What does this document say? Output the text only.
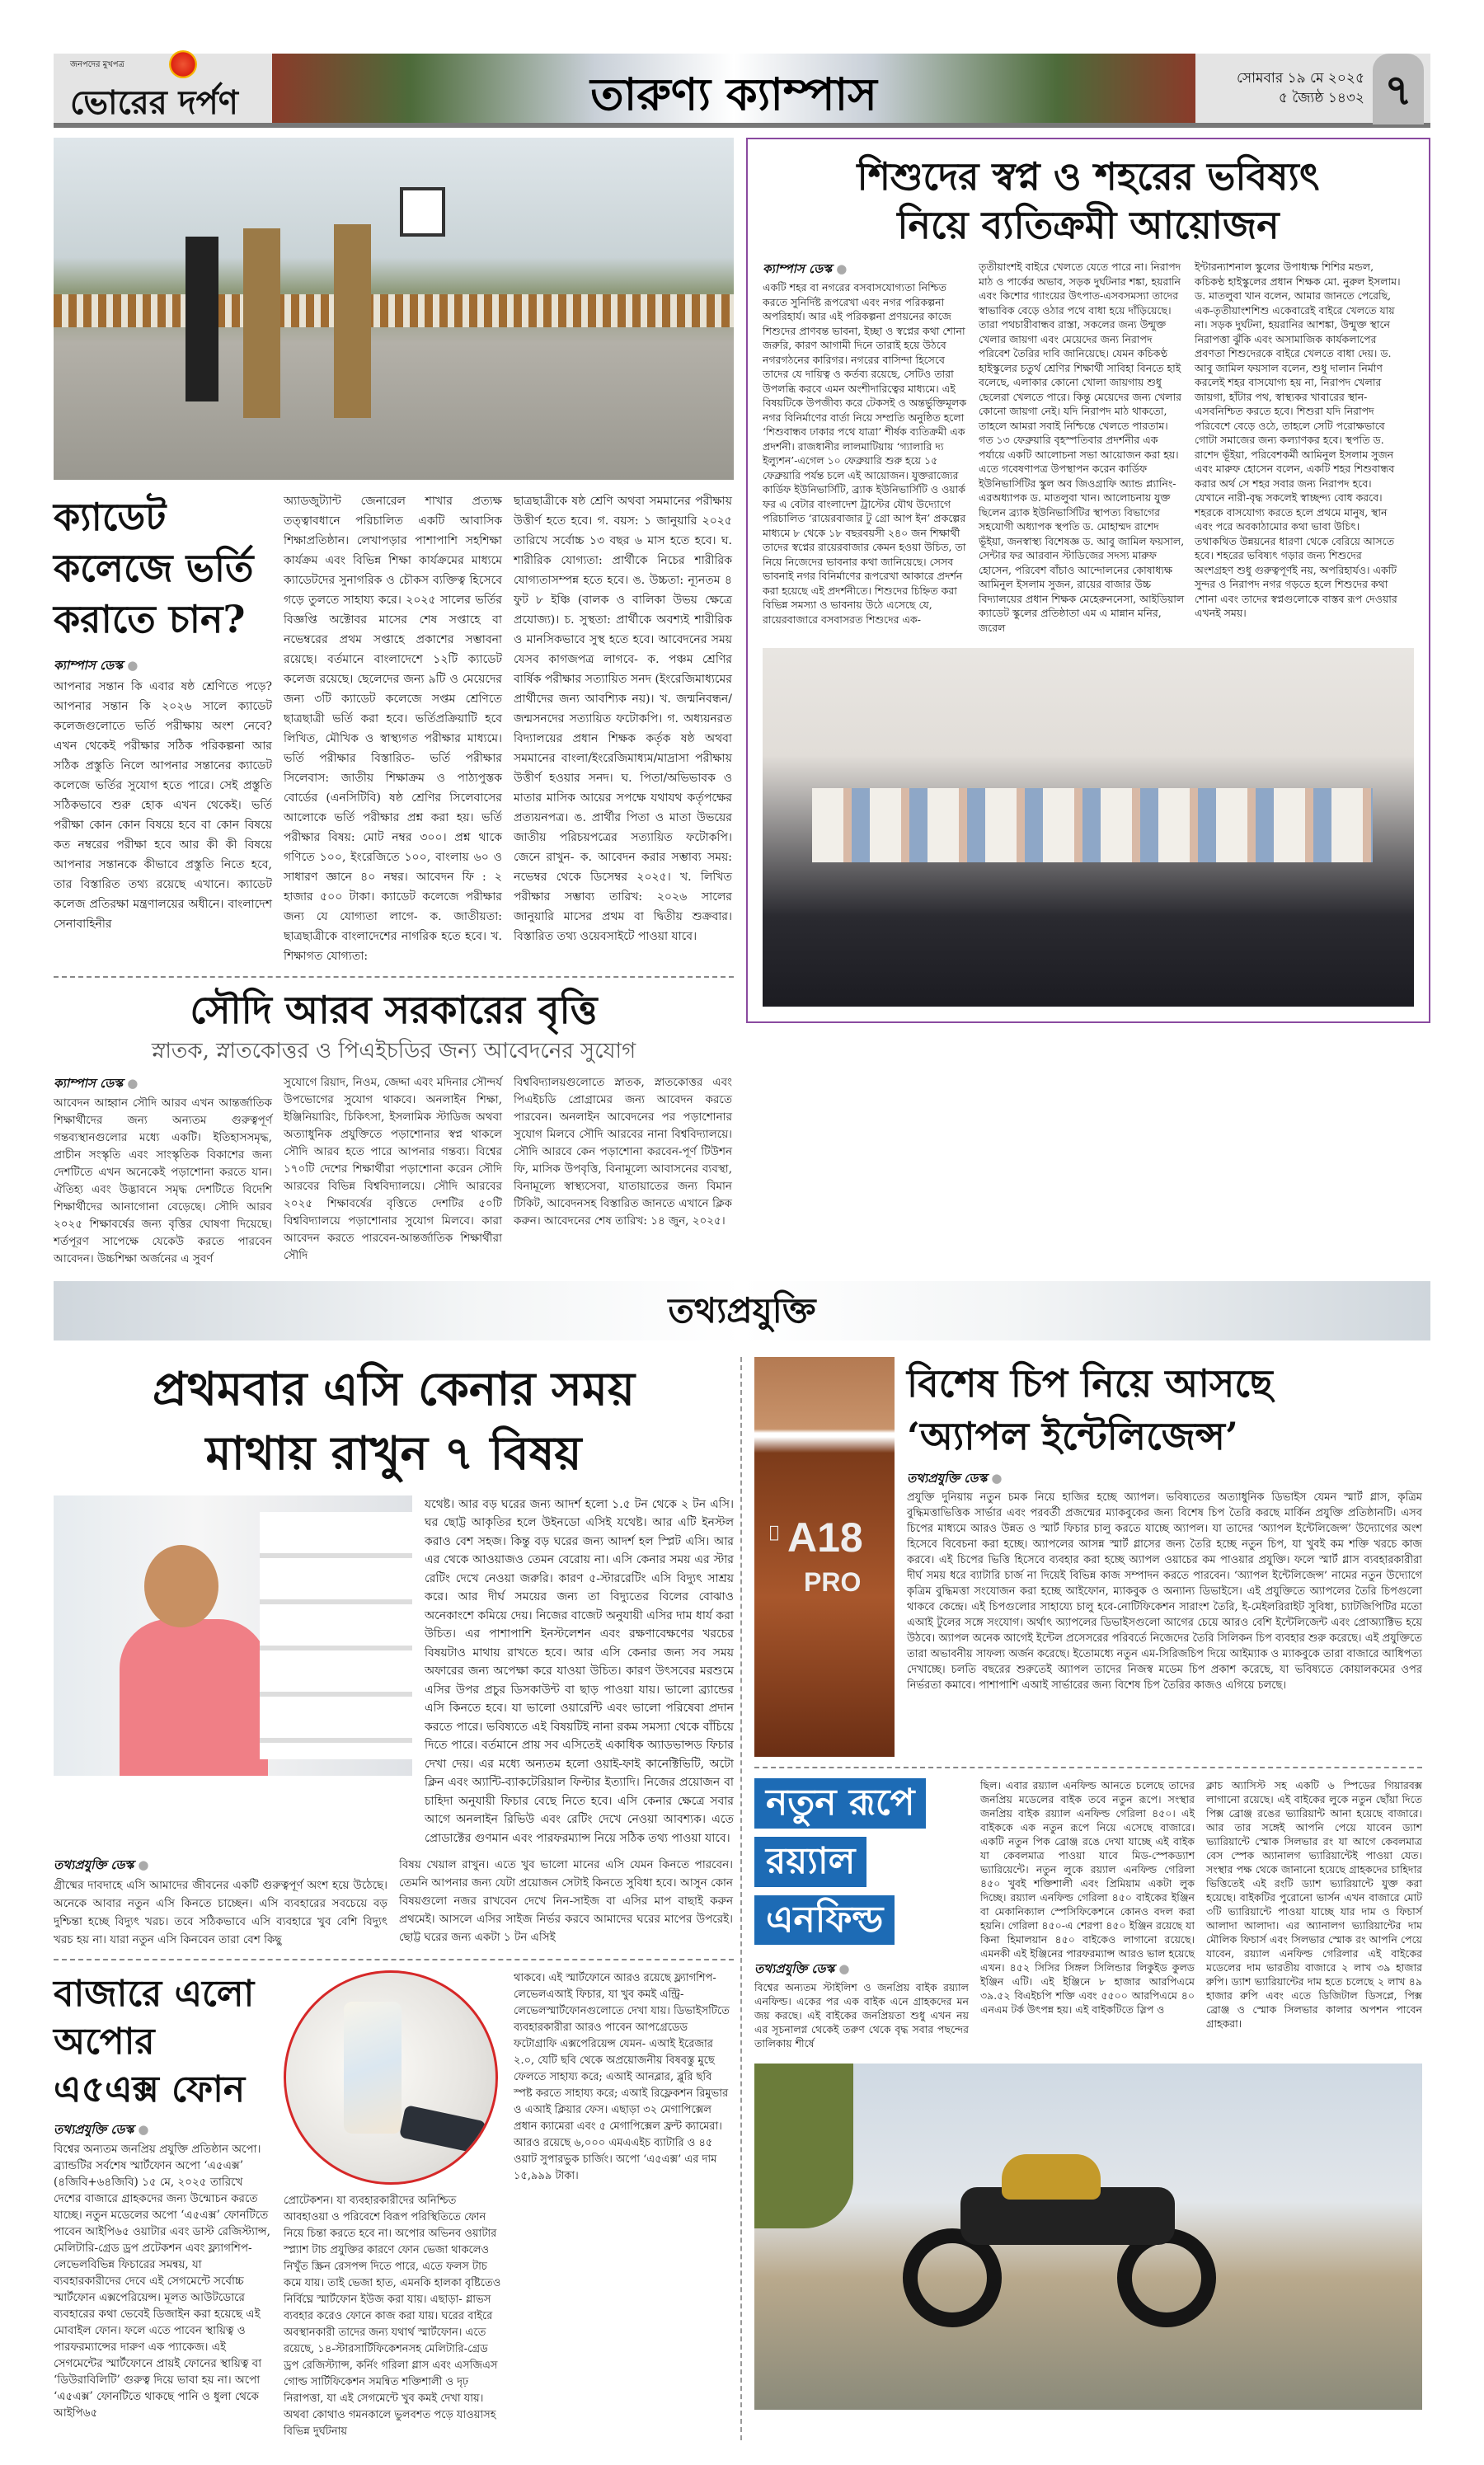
জনপদের মুখপত্র
ভোরের দর্পণ	তারুণ্য ক্যাম্পাস	সোমবার ১৯ মে ২০২৫
৫ জ্যৈষ্ঠ ১৪৩২ ৭
ক্যাডেট কলেজে ভর্তি করাতে চান?
ক্যাম্পাস ডেস্ক ●
আপনার সন্তান কি এবার ষষ্ঠ শ্রেণিতে পড়ে? আপনার সন্তান কি ২০২৬ সালে ক্যাডেট কলেজগুলোতে ভর্তি পরীক্ষায় অংশ নেবে? এখন থেকেই পরীক্ষার সঠিক পরিকল্পনা আর সঠিক প্রস্তুতি নিলে আপনার সন্তানের ক্যাডেট কলেজে ভর্তির সুযোগ হতে পারে। সেই প্রস্তুতি সঠিকভাবে শুরু হোক এখন থেকেই। ভর্তি পরীক্ষা কোন কোন বিষয়ে হবে বা কোন বিষয়ে কত নম্বরের পরীক্ষা হবে আর কী কী বিষয়ে আপনার সন্তানকে কীভাবে প্রস্তুতি নিতে হবে, তার বিস্তারিত তথ্য রয়েছে এখানে। ক্যাডেট কলেজ প্রতিরক্ষা মন্ত্রণালয়ের অধীনে। বাংলাদেশ সেনাবাহিনীর
অ্যাডজুট্যান্ট জেনারেল শাখার প্রত্যক্ষ তত্ত্বাবধানে পরিচালিত একটি আবাসিক শিক্ষাপ্রতিষ্ঠান। লেখাপড়ার পাশাপাশি সহশিক্ষা কার্যক্রম এবং বিভিন্ন শিক্ষা কার্যক্রমের মাধ্যমে ক্যাডেটদের সুনাগরিক ও চৌকস ব্যক্তিত্ব হিসেবে গড়ে তুলতে সাহায্য করে। ২০২৫ সালের ভর্তির বিজ্ঞপ্তি অক্টোবর মাসের শেষ সপ্তাহে বা নভেম্বরের প্রথম সপ্তাহে প্রকাশের সম্ভাবনা রয়েছে। বর্তমানে বাংলাদেশে ১২টি ক্যাডেট কলেজ রয়েছে। ছেলেদের জন্য ৯টি ও মেয়েদের জন্য ৩টি ক্যাডেট কলেজে সপ্তম শ্রেণিতে ছাত্রছাত্রী ভর্তি করা হবে। ভর্তিপ্রক্রিয়াটি হবে লিখিত, মৌখিক ও স্বাস্থ্যগত পরীক্ষার মাধ্যমে। ভর্তি পরীক্ষার বিস্তারিত- ভর্তি পরীক্ষার সিলেবাস: জাতীয় শিক্ষাক্রম ও পাঠ্যপুস্তক বোর্ডের (এনসিটিবি) ষষ্ঠ শ্রেণির সিলেবাসের আলোকে ভর্তি পরীক্ষার প্রশ্ন করা হয়। ভর্তি পরীক্ষার বিষয়: মোট নম্বর ৩০০। প্রশ্ন থাকে গণিতে ১০০, ইংরেজিতে ১০০, বাংলায় ৬০ ও সাধারণ জ্ঞানে ৪০ নম্বর। আবেদন ফি : ২ হাজার ৫০০ টাকা। ক্যাডেট কলেজে পরীক্ষার জন্য যে যোগ্যতা লাগে- ক. জাতীয়তা: ছাত্রছাত্রীকে বাংলাদেশের নাগরিক হতে হবে। খ. শিক্ষাগত যোগ্যতা:
ছাত্রছাত্রীকে ষষ্ঠ শ্রেণি অথবা সমমানের পরীক্ষায় উত্তীর্ণ হতে হবে। গ. বয়স: ১ জানুয়ারি ২০২৫ তারিখে সর্বোচ্চ ১৩ বছর ৬ মাস হতে হবে। ঘ. শারীরিক যোগ্যতা: প্রার্থীকে নিচের শারীরিক যোগ্যতাসম্পন্ন হতে হবে। ঙ. উচ্চতা: ন্যূনতম ৪ ফুট ৮ ইঞ্চি (বালক ও বালিকা উভয় ক্ষেত্রে প্রযোজ্য)। চ. সুস্থতা: প্রার্থীকে অবশ্যই শারীরিক ও মানসিকভাবে সুস্থ হতে হবে। আবেদনের সময় যেসব কাগজপত্র লাগবে- ক. পঞ্চম শ্রেণির বার্ষিক পরীক্ষার সত্যায়িত সনদ (ইংরেজিমাধ্যমের প্রার্থীদের জন্য আবশ্যিক নয়)। খ. জন্মনিবন্ধন/জন্মসনদের সত্যায়িত ফটোকপি। গ. অধ্যয়নরত বিদ্যালয়ের প্রধান শিক্ষক কর্তৃক ষষ্ঠ অথবা সমমানের বাংলা/ইংরেজিমাধ্যম/মাদ্রাসা পরীক্ষায় উত্তীর্ণ হওয়ার সনদ। ঘ. পিতা/অভিভাবক ও মাতার মাসিক আয়ের সপক্ষে যথাযথ কর্তৃপক্ষের প্রত্যয়নপত্র। ঙ. প্রার্থীর পিতা ও মাতা উভয়ের জাতীয় পরিচয়পত্রের সত্যায়িত ফটোকপি। জেনে রাখুন- ক. আবেদন করার সম্ভাব্য সময়: নভেম্বর থেকে ডিসেম্বর ২০২৫। খ. লিখিত পরীক্ষার সম্ভাব্য তারিখ: ২০২৬ সালের জানুয়ারি মাসের প্রথম বা দ্বিতীয় শুক্রবার। বিস্তারিত তথ্য ওয়েবসাইটে পাওয়া যাবে।
সৌদি আরব সরকারের বৃত্তি
স্নাতক, স্নাতকোত্তর ও পিএইচডির জন্য আবেদনের সুযোগ
ক্যাম্পাস ডেস্ক ●
আবেদন আহ্বান সৌদি আরব এখন আন্তর্জাতিক শিক্ষার্থীদের জন্য অন্যতম গুরুত্বপূর্ণ গন্তব্যস্থানগুলোর মধ্যে একটি। ইতিহাসসমৃদ্ধ, প্রাচীন সংস্কৃতি এবং সাংস্কৃতিক বিকাশের জন্য দেশটিতে এখন অনেকেই পড়াশোনা করতে যান। ঐতিহ্য এবং উদ্ভাবনে সমৃদ্ধ দেশটিতে বিদেশি শিক্ষার্থীদের আনাগোনা বেড়েছে। সৌদি আরব ২০২৫ শিক্ষাবর্ষের জন্য বৃত্তির ঘোষণা দিয়েছে। শর্তপূরণ সাপেক্ষে যেকেউ করতে পারবেন আবেদন। উচ্চশিক্ষা অর্জনের এ সুবর্ণ
সুযোগে রিয়াদ, নিওম, জেদ্দা এবং মদিনার সৌন্দর্য উপভোগের সুযোগ থাকবে। অনলাইন শিক্ষা, ইঞ্জিনিয়ারিং, চিকিৎসা, ইসলামিক স্টাডিজ অথবা অত্যাধুনিক প্রযুক্তিতে পড়াশোনার স্বপ্ন থাকলে সৌদি আরব হতে পারে আপনার গন্তব্য। বিশ্বের ১৭০টি দেশের শিক্ষার্থীরা পড়াশোনা করেন সৌদি আরবের বিভিন্ন বিশ্ববিদ্যালয়ে। সৌদি আরবের ২০২৫ শিক্ষাবর্ষের বৃত্তিতে দেশটির ৫০টি বিশ্ববিদ্যালয়ে পড়াশোনার সুযোগ মিলবে। কারা আবেদন করতে পারবেন-আন্তর্জাতিক শিক্ষার্থীরা সৌদি
বিশ্ববিদ্যালয়গুলোতে স্নাতক, স্নাতকোত্তর এবং পিএইচডি প্রোগ্রামের জন্য আবেদন করতে পারবেন। অনলাইন আবেদনের পর পড়াশোনার সুযোগ মিলবে সৌদি আরবের নানা বিশ্ববিদ্যালয়ে। সৌদি আরবে কেন পড়াশোনা করবেন-পূর্ণ টিউশন ফি, মাসিক উপবৃত্তি, বিনামূল্যে আবাসনের ব্যবস্থা, বিনামূল্যে স্বাস্থ্যসেবা, যাতায়াতের জন্য বিমান টিকিট, আবেদনসহ বিস্তারিত জানতে এখানে ক্লিক করুন। আবেদনের শেষ তারিখ: ১৪ জুন, ২০২৫।
শিশুদের স্বপ্ন ও শহরের ভবিষ্যৎ
নিয়ে ব্যতিক্রমী আয়োজন
ক্যাম্পাস ডেস্ক ●
একটি শহর বা নগরের বসবাসযোগ্যতা নিশ্চিত করতে সুনির্দিষ্ট রূপরেখা এবং নগর পরিকল্পনা অপরিহার্য। আর এই পরিকল্পনা প্রণয়নের কাজে শিশুদের প্রাণবন্ত ভাবনা, ইচ্ছা ও স্বপ্নের কথা শোনা জরুরি, কারণ আগামী দিনে তারাই হয়ে উঠবে নগরগঠনের কারিগর। নগরের বাসিন্দা হিসেবে তাদের যে দায়িত্ব ও কর্তব্য রয়েছে, সেটিও তারা উপলব্ধি করবে এমন অংশীদারিত্বের মাধ্যমে। এই বিষয়টিকে উপজীব্য করে টেকসই ও অন্তর্ভুক্তিমূলক নগর বিনির্মাণের বার্তা নিয়ে সম্প্রতি অনুষ্ঠিত হলো ‘শিশুবান্ধব ঢাকার পথে যাত্রা’ শীর্ষক ব্যতিক্রমী এক প্রদর্শনী। রাজধানীর লালমাটিয়ায় ‘গ্যালারি দ্য ইল্যুশন’-এগেল ১০ ফেব্রুয়ারি শুরু হয়ে ১৫ ফেব্রুয়ারি পর্যন্ত চলে এই আয়োজন। যুক্তরাজ্যের কার্ডিফ ইউনিভার্সিটি, ব্র্যাক ইউনিভার্সিটি ও ওয়ার্ক ফর এ বেটার বাংলাদেশ ট্রাস্টের যৌথ উদ্যোগে পরিচালিত ‘রায়েরবাজার টু গ্রো আপ ইন’ প্রকল্পের মাধ্যমে ৮ থেকে ১৮ বছরবয়সী ২৪০ জন শিক্ষার্থী তাদের স্বপ্নের রায়েরবাজার কেমন হওয়া উচিত, তা নিয়ে নিজেদের ভাবনার কথা জানিয়েছে। সেসব ভাবনাই নগর বিনির্মাণের রূপরেখা আকারে প্রদর্শন করা হয়েছে এই প্রদর্শনীতে। শিশুদের চিহ্নিত করা বিভিন্ন সমস্যা ও ভাবনায় উঠে এসেছে যে, রায়েরবাজারে বসবাসরত শিশুদের এক-
তৃতীয়াংশই বাইরে খেলতে যেতে পারে না। নিরাপদ মাঠ ও পার্কের অভাব, সড়ক দুর্ঘটনার শঙ্কা, হয়রানি এবং কিশোর গ্যাংয়ের উৎপাত-এসবসমস্যা তাদের স্বাভাবিক বেড়ে ওঠার পথে বাধা হয়ে দাঁড়িয়েছে। তারা পথচারীবান্ধব রাস্তা, সকলের জন্য উন্মুক্ত খেলার জায়গা এবং মেয়েদের জন্য নিরাপদ পরিবেশ তৈরির দাবি জানিয়েছে। যেমন কচিকণ্ঠ হাইস্কুলের চতুর্থ শ্রেণির শিক্ষার্থী সাবিহা বিনতে হাই বলেছে, এলাকার কোনো খোলা জায়গায় শুধু ছেলেরা খেলতে পারে। কিন্তু মেয়েদের জন্য খেলার কোনো জায়গা নেই। যদি নিরাপদ মাঠ থাকতো, তাহলে আমরা সবাই নিশ্চিন্তে খেলতে পারতাম। গত ১৩ ফেব্রুয়ারি বৃহস্পতিবার প্রদর্শনীর এক পর্যায়ে একটি আলোচনা সভা আয়োজন করা হয়। এতে গবেষণাপত্র উপস্থাপন করেন কার্ডিফ ইউনিভার্সিটির স্কুল অব জিওগ্রাফি অ্যান্ড প্ল্যানিং-এরঅধ্যাপক ড. মাতলুবা খান। আলোচনায় যুক্ত ছিলেন ব্র্যাক ইউনিভার্সিটির স্থাপত্য বিভাগের সহযোগী অধ্যাপক স্থপতি ড. মোহাম্মদ রাশেদ ভূঁইয়া, জনস্বাস্থ্য বিশেষজ্ঞ ড. আবু জামিল ফয়সাল, সেন্টার ফর আরবান স্টাডিজের সদস্য মারুফ হোসেন, পরিবেশ বাঁচাও আন্দোলনের কোষাধ্যক্ষ আমিনুল ইসলাম সুজন, রায়ের বাজার উচ্চ বিদ্যালয়ের প্রধান শিক্ষক মেহেরুননেসা, আইডিয়াল ক্যাডেট স্কুলের প্রতিষ্ঠাতা এম এ মান্নান মনির, জরেল
ইন্টারন্যাশনাল স্কুলের উপাধ্যক্ষ শিশির মন্ডল, কচিকণ্ঠ হাইস্কুলের প্রধান শিক্ষক মো. নুরুল ইসলাম। ড. মাতলুবা খান বলেন, আমার জানতে পেরেছি, এক-তৃতীয়াংশশিশু একেবারেই বাইরে খেলতে যায় না। সড়ক দুর্ঘটনা, হয়রানির আশঙ্কা, উন্মুক্ত স্থানে নিরাপত্তা ঝুঁকি এবং অসামাজিক কার্যকলাপের প্রবণতা শিশুদেরকে বাইরে খেলতে বাধা দেয়। ড. আবু জামিল ফয়সাল বলেন, শুধু দালান নির্মাণ করলেই শহর বাসযোগ্য হয় না, নিরাপদ খেলার জায়গা, হাঁটার পথ, স্বাস্থ্যকর খাবারের স্থান-এসবনিশ্চিত করতে হবে। শিশুরা যদি নিরাপদ পরিবেশে বেড়ে ওঠে, তাহলে সেটি পরোক্ষভাবে গোটা সমাজের জন্য কল্যাণকর হবে। স্থপতি ড. রাশেদ ভূঁইয়া, পরিবেশকর্মী আমিনুল ইসলাম সুজন এবং মারুফ হোসেন বলেন, একটি শহর শিশুবান্ধব করার অর্থ সে শহর সবার জন্য নিরাপদ হবে। যেখানে নারী-বৃদ্ধ সকলেই স্বাচ্ছন্দ্য বোধ করবে। শহরকে বাসযোগ্য করতে হলে প্রথমে মানুষ, স্থান এবং পরে অবকাঠামোর কথা ভাবা উচিৎ। তথাকথিত উন্নয়নের ধারণা থেকে বেরিয়ে আসতে হবে। শহরের ভবিষ্যৎ গড়ার জন্য শিশুদের অংশগ্রহণ শুধু গুরুত্বপূর্ণই নয়, অপরিহার্যও। একটি সুন্দর ও নিরাপদ নগর গড়তে হলে শিশুদের কথা শোনা এবং তাদের স্বপ্নগুলোকে বাস্তব রূপ দেওয়ার এখনই সময়।
তথ্যপ্রযুক্তি
প্রথমবার এসি কেনার সময়
মাথায় রাখুন ৭ বিষয়
যথেষ্ট। আর বড় ঘরের জন্য আদর্শ হলো ১.৫ টন থেকে ২ টন এসি। ঘর ছোট্ট আকৃতির হলে উইনডো এসিই যথেষ্ট। আর এটি ইনস্টল করাও বেশ সহজ। কিন্তু বড় ঘরের জন্য আদর্শ হল স্প্লিট এসি। আর এর থেকে আওয়াজও তেমন বেরোয় না। এসি কেনার সময় এর স্টার রেটিং দেখে নেওয়া জরুরি। কারণ ৫-স্টাররেটিং এসি বিদ্যুৎ সাশ্রয় করে। আর দীর্ঘ সময়ের জন্য তা বিদ্যুতের বিলের বোঝাও অনেকাংশে কমিয়ে দেয়। নিজের বাজেট অনুযায়ী এসির দাম ধার্য করা উচিত। এর পাশাপাশি ইনস্টলেশন এবং রক্ষণাবেক্ষণের খরচের বিষয়টাও মাথায় রাখতে হবে। আর এসি কেনার জন্য সব সময় অফারের জন্য অপেক্ষা করে যাওয়া উচিত। কারণ উৎসবের মরশুমে এসির উপর প্রচুর ডিসকাউন্ট বা ছাড় পাওয়া যায়। ভালো ব্র্যান্ডের এসি কিনতে হবে। যা ভালো ওয়ারেন্টি এবং ভালো পরিষেবা প্রদান করতে পারে। ভবিষ্যতে এই বিষয়টিই নানা রকম সমস্যা থেকে বাঁচিয়ে দিতে পারে। বর্তমানে প্রায় সব এসিতেই একাধিক অ্যাডভান্সড ফিচার দেখা দেয়। এর মধ্যে অন্যতম হলো ওয়াই-ফাই কানেক্টিভিটি, অটো ক্লিন এবং অ্যান্টি-ব্যাকটেরিয়াল ফিল্টার ইত্যাদি। নিজের প্রয়োজন বা চাহিদা অনুযায়ী ফিচার বেছে নিতে হবে। এসি কেনার ক্ষেত্রে সবার আগে অনলাইন রিভিউ এবং রেটিং দেখে নেওয়া আবশ্যক। এতে প্রোডাক্টের গুণমান এবং পারফরম্যান্স নিয়ে সঠিক তথ্য পাওয়া যাবে।
তথ্যপ্রযুক্তি ডেস্ক ●
গ্রীষ্মের দাবদাহে এসি আমাদের জীবনের একটি গুরুত্বপূর্ণ অংশ হয়ে উঠেছে। অনেকে আবার নতুন এসি কিনতে চাচ্ছেন। এসি ব্যবহারের সবচেয়ে বড় দুশ্চিন্তা হচ্ছে বিদ্যুৎ খরচ। তবে সঠিকভাবে এসি ব্যবহারে খুব বেশি বিদ্যুৎ খরচ হয় না। যারা নতুন এসি কিনবেন তারা বেশ কিছু
বিষয় খেয়াল রাখুন। এতে খুব ভালো মানের এসি যেমন কিনতে পারবেন। তেমনি আপনার জন্য যেটা প্রয়োজন সেটাই কিনতে সুবিধা হবে। আসুন কোন বিষয়গুলো নজর রাখবেন দেখে নিন-সাইজ বা এসির মাপ বাছাই করুন প্রথমেই। আসলে এসির সাইজ নির্ভর করবে আমাদের ঘরের মাপের উপরেই। ছোট্ট ঘরের জন্য একটা ১ টন এসিই
বাজারে এলো অপোর এ৫এক্স ফোন
তথ্যপ্রযুক্তি ডেস্ক ●
বিশ্বের অন্যতম জনপ্রিয় প্রযুক্তি প্রতিষ্ঠান অপো। ব্র্যান্ডটির সর্বশেষ স্মার্টফোন অপো ‘এ৫এক্স’ (৪জিবি+৬৪জিবি) ১৫ মে, ২০২৫ তারিখে দেশের বাজারে গ্রাহকদের জন্য উন্মোচন করতে যাচ্ছে। নতুন মডেলের অপো ‘এ৫এক্স’ ফোনটিতে পাবেন আইপি৬৫ ওয়াটার এবং ডাস্ট রেজিস্ট্যান্স, মেলিটারি-গ্রেড ড্রপ প্রটেকশন এবং ফ্ল্যাগশিপ-লেভেলবিভিন্ন ফিচারের সমন্বয়, যা ব্যবহারকারীদের দেবে এই সেগমেন্টে সর্বোচ্চ স্মার্টফোন এক্সপেরিয়েন্স। মূলত আউটডোরে ব্যবহারের কথা ভেবেই ডিজাইন করা হয়েছে এই মোবাইল ফোন। ফলে এতে পাবেন স্থায়িত্ব ও পারফরম্যান্সের দারুণ এক প্যাকেজ। এই সেগমেন্টের স্মার্টফোনে প্রায়ই ফোনের স্থায়িত্ব বা ‘ডিউরাবিলিটি’ গুরুত্ব দিয়ে ভাবা হয় না। অপো ‘এ৫এক্স’ ফোনটিতে থাকছে পানি ও ধুলা থেকে আইপি৬৫
প্রোটেকশন। যা ব্যবহারকারীদের অনিশ্চিত আবহাওয়া ও পরিবেশে বিরূপ পরিস্থিতিতে ফোন নিয়ে চিন্তা করতে হবে না। অপোর অভিনব ওয়াটার স্প্ল্যাশ টাচ প্রযুক্তির কারণে ফোন ভেজা থাকলেও নিখুঁত স্ক্রিন রেসপন্স দিতে পারে, এতে ফলস টাচ কমে যায়। তাই ভেজা হাত, এমনকি হালকা বৃষ্টিতেও নির্বিঘ্নে স্মার্টফোন ইউজ করা যায়। এছাড়া- গ্লাভস ব্যবহার করেও ফোনে কাজ করা যায়। ঘরের বাইরে অবস্থানকারী তাদের জন্য যথার্থ স্মার্টফোন। এতে রয়েছে, ১৪-স্টারসার্টিফিকেশনসহ মেলিটারি-গ্রেড ড্রপ রেজিস্ট্যান্স, কর্নিং গরিলা গ্লাস এবং এসজিএস গোল্ড সার্টিফিকেশন সমন্বিত শক্তিশালী ও দৃঢ় নিরাপত্তা, যা এই সেগমেন্টে খুব কমই দেখা যায়। অথবা কোথাও গমনকালে ভুলবশত পড়ে যাওয়াসহ বিভিন্ন দুর্ঘটনায়
থাকবে। এই স্মার্টফোনে আরও রয়েছে ফ্ল্যাগশিপ-লেভেলএআই ফিচার, যা খুব কমই এন্ট্রি-লেভেলস্মার্টফোনগুলোতে দেখা যায়। ডিভাইসটিতে ব্যবহারকারীরা আরও পাবেন আপগ্রেডেড ফটোগ্রাফি এক্সপেরিয়েন্স যেমন- এআই ইরেজার ২.০, যেটি ছবি থেকে অপ্রয়োজনীয় বিষবস্তু মুছে ফেলতে সাহায্য করে; এআই আনব্লার, ব্লুরি ছবি স্পষ্ট করতে সাহায্য করে; এআই রিফ্লেকশন রিমুভার ও এআই ক্লিয়ার ফেস। এছাড়া ৩২ মেগাপিক্সেল প্রধান ক্যামেরা এবং ৫ মেগাপিক্সেল ফ্রন্ট ক্যামেরা। আরও রয়েছে ৬,০০০ এমএএইচ ব্যাটারি ও ৪৫ ওয়াট সুপারভুক চার্জিং। অপো ‘এ৫এক্স’ এর দাম ১৫,৯৯৯ টাকা।
A18
PRO
বিশেষ চিপ নিয়ে আসছে
‘অ্যাপল ইন্টেলিজেন্স’
তথ্যপ্রযুক্তি ডেস্ক ●
প্রযুক্তি দুনিয়ায় নতুন চমক নিয়ে হাজির হচ্ছে অ্যাপল। ভবিষ্যতের অত্যাধুনিক ডিভাইস যেমন স্মার্ট গ্লাস, কৃত্রিম বুদ্ধিমত্তাভিত্তিক সার্ভার এবং পরবর্তী প্রজন্মের ম্যাকবুকের জন্য বিশেষ চিপ তৈরি করছে মার্কিন প্রযুক্তি প্রতিষ্ঠানটি। এসব চিপের মাধ্যমে আরও উন্নত ও স্মার্ট ফিচার চালু করতে যাচ্ছে অ্যাপল। যা তাদের ‘অ্যাপল ইন্টেলিজেন্স’ উদ্যোগের অংশ হিসেবে বিবেচনা করা হচ্ছে। অ্যাপলের আসন্ন স্মার্ট গ্লাসের জন্য তৈরি হচ্ছে নতুন চিপ, যা খুবই কম শক্তি খরচে কাজ করবে। এই চিপের ভিত্তি হিসেবে ব্যবহার করা হচ্ছে অ্যাপল ওয়াচের কম পাওয়ার প্রযুক্তি। ফলে স্মার্ট গ্লাস ব্যবহারকারীরা দীর্ঘ সময় ধরে ব্যাটারি চার্জ না দিয়েই বিভিন্ন কাজ সম্পাদন করতে পারবেন। ‘অ্যাপল ইন্টেলিজেন্স’ নামের নতুন উদ্যোগে কৃত্রিম বুদ্ধিমত্তা সংযোজন করা হচ্ছে আইফোন, ম্যাকবুক ও অন্যান্য ডিভাইসে। এই প্রযুক্তিতে অ্যাপলের তৈরি চিপগুলো থাকবে কেন্দ্রে। এই চিপগুলোর সাহায্যে চালু হবে-নোটিফিকেশন সারাংশ তৈরি, ই-মেইলরিরাইট সুবিধা, চ্যাটজিপিটির মতো এআই টুলের সঙ্গে সংযোগ। অর্থাৎ অ্যাপলের ডিভাইসগুলো আগের চেয়ে আরও বেশি ইন্টেলিজেন্ট এবং প্রোঅ্যাক্টিভ হয়ে উঠবে। অ্যাপল অনেক আগেই ইন্টেল প্রসেসরের পরিবর্তে নিজেদের তৈরি সিলিকন চিপ ব্যবহার শুরু করেছে। এই প্রযুক্তিতে তারা অভাবনীয় সাফল্য অর্জন করেছে। ইতোমধ্যে নতুন এম-সিরিজচিপ দিয়ে আইম্যাক ও ম্যাকবুকে তারা বাজারে আধিপত্য দেখাচ্ছে। চলতি বছরের শুরুতেই অ্যাপল তাদের নিজস্ব মডেম চিপ প্রকাশ করেছে, যা ভবিষ্যতে কোয়ালকমের ওপর নির্ভরতা কমাবে। পাশাপাশি এআই সার্ভারের জন্য বিশেষ চিপ তৈরির কাজও এগিয়ে চলছে।
নতুন রূপে
রয়্যাল
এনফিল্ড
তথ্যপ্রযুক্তি ডেস্ক ●
বিশ্বের অন্যতম স্টাইলিশ ও জনপ্রিয় বাইক রয়্যাল এনফিল্ড। একের পর এক বাইক এনে গ্রাহকদের মন জয় করছে। এই বাইকের জনপ্রিয়তা শুধু এখন নয় এর সূচনালগ্ন থেকেই তরুণ থেকে বৃদ্ধ সবার পছন্দের তালিকায় শীর্ষে
ছিল। এবার রয়্যাল এনফিল্ড আনতে চলেছে তাদের জনপ্রিয় মডেলের বাইক তবে নতুন রূপে। সংস্থার জনপ্রিয় বাইক রয়্যাল এনফিল্ড গেরিলা ৪৫০। এই বাইককে এক নতুন রূপে নিয়ে এসেছে বাজারে। একটি নতুন পিক ব্রোঞ্জ রঙে দেখা যাচ্ছে এই বাইক যা কেবলমাত্র পাওয়া যাবে মিড-স্পেকড্যাশ ভ্যারিয়েন্টে। নতুন লুকে রয়্যাল এনফিল্ড গেরিলা ৪৫০ খুবই শক্তিশালী এবং প্রিমিয়াম একটা লুক দিচ্ছে। রয়্যাল এনফিল্ড গেরিলা ৪৫০ বাইকের ইঞ্জিন বা মেকানিক্যাল স্পেসিফিকেশনে কোনও বদল করা হয়নি। গেরিলা ৪৫০-এ শেরপা ৪৫০ ইঞ্জিন রয়েছে যা কিনা হিমালয়ান ৪৫০ বাইকেও লাগানো রয়েছে। এমনকী এই ইঞ্জিনের পারফরম্যান্স আরও ভাল হয়েছে এখন। ৪৫২ সিসির সিঙ্গল সিলিন্ডার লিকুইড কুলড ইঞ্জিন এটি। এই ইঞ্জিনে ৮ হাজার আরপিএমে ৩৯.৫২ বিএইচপি শক্তি এবং ৫৫০০ আরপিএমে ৪০ এনএম টর্ক উৎপন্ন হয়। এই বাইকটিতে স্লিপ ও
ক্লাচ অ্যাসিস্ট সহ একটি ৬ স্পিডের গিয়ারবক্স লাগানো রয়েছে। এই বাইকের লুকে নতুন ছোঁয়া দিতে পিক্স ব্রোঞ্জ রঙের ভ্যারিয়ান্ট আনা হয়েছে বাজারে। আর তার সঙ্গেই আপনি পেয়ে যাবেন ড্যাশ ভ্যারিয়ান্টে স্মোক সিলভার রং যা আগে কেবলমাত্র বেস স্পেক অ্যানালগ ভ্যারিয়ান্টেই পাওয়া যেত। সংস্থার পক্ষ থেকে জানানো হয়েছে গ্রাহকদের চাহিদার ভিত্তিতেই এই রংটি ড্যাশ ভ্যারিয়ান্টে যুক্ত করা হয়েছে। বাইকটির পুরোনো ভার্সন এখন বাজারে মোট ৩টি ভ্যারিয়ান্টে পাওয়া যাচ্ছে যার দাম ও ফিচার্স আলাদা আলাদা। এর অ্যানালগ ভ্যারিয়ান্টের দাম মৌলিক ফিচার্স এবং সিলভার স্মোক রং আপনি পেয়ে যাবেন, রয়্যাল এনফিল্ড গেরিলার এই বাইকের মডেলের দাম ভারতীয় বাজারে ২ লাখ ৩৯ হাজার রুপি। ড্যাশ ভ্যারিয়ান্টের দাম হতে চলেছে ২ লাখ ৪৯ হাজার রুপি এবং এতে ডিজিটাল ডিসপ্লে, পিক্স ব্রোঞ্জ ও স্মোক সিলভার কালার অপশন পাবেন গ্রাহকরা।
